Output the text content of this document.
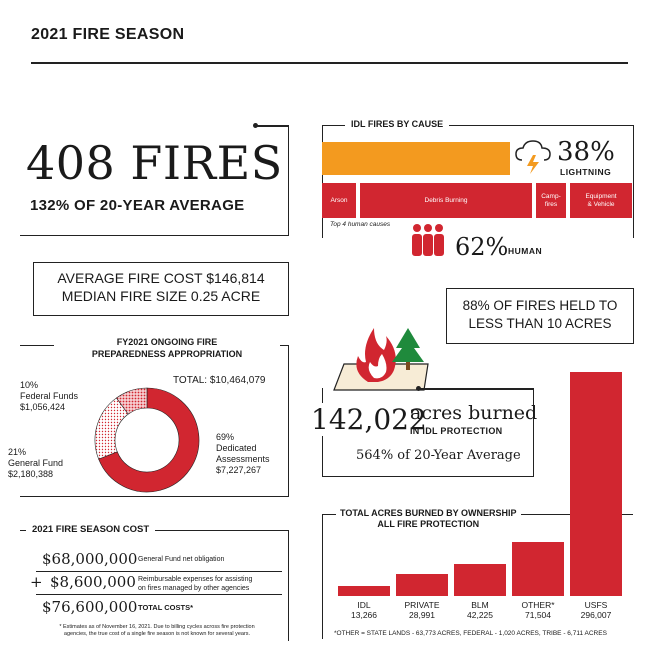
2021 FIRE SEASON
408 FIRES
132% OF 20-YEAR AVERAGE
AVERAGE FIRE COST $146,814
MEDIAN FIRE SIZE 0.25 ACRE
IDL FIRES BY CAUSE
38%
LIGHTNING
Arson	Debris Burning
Camp-
fires
Equipment
& Vehicle
Top 4 human causes
62% HUMAN
88% OF FIRES HELD TO
LESS THAN 10 ACRES
FY2021 ONGOING FIRE
PREPAREDNESS APPROPRIATION
TOTAL: $10,464,079
10%
Federal Funds
$1,056,424
21%
General Fund
$2,180,388
69%
Dedicated
Assessments
$7,227,267
142,022
acres burned
IN IDL PROTECTION
564% of 20-Year Average
2021 FIRE SEASON COST
$68,000,000 General Fund net obligation
+ $8,600,000 Reimbursable expenses for assisting
on fires managed by other agencies
$76,600,000 TOTAL COSTS*
* Estimates as of November 16, 2021. Due to billing cycles across fire protection
agencies, the true cost of a single fire season is not known for several years.
TOTAL ACRES BURNED BY OWNERSHIP
ALL FIRE PROTECTION
IDL
13,266
PRIVATE
28,991
BLM
42,225
OTHER*
71,504
USFS
296,007
*OTHER = STATE LANDS - 63,773 ACRES, FEDERAL - 1,020 ACRES, TRIBE - 6,711 ACRES
